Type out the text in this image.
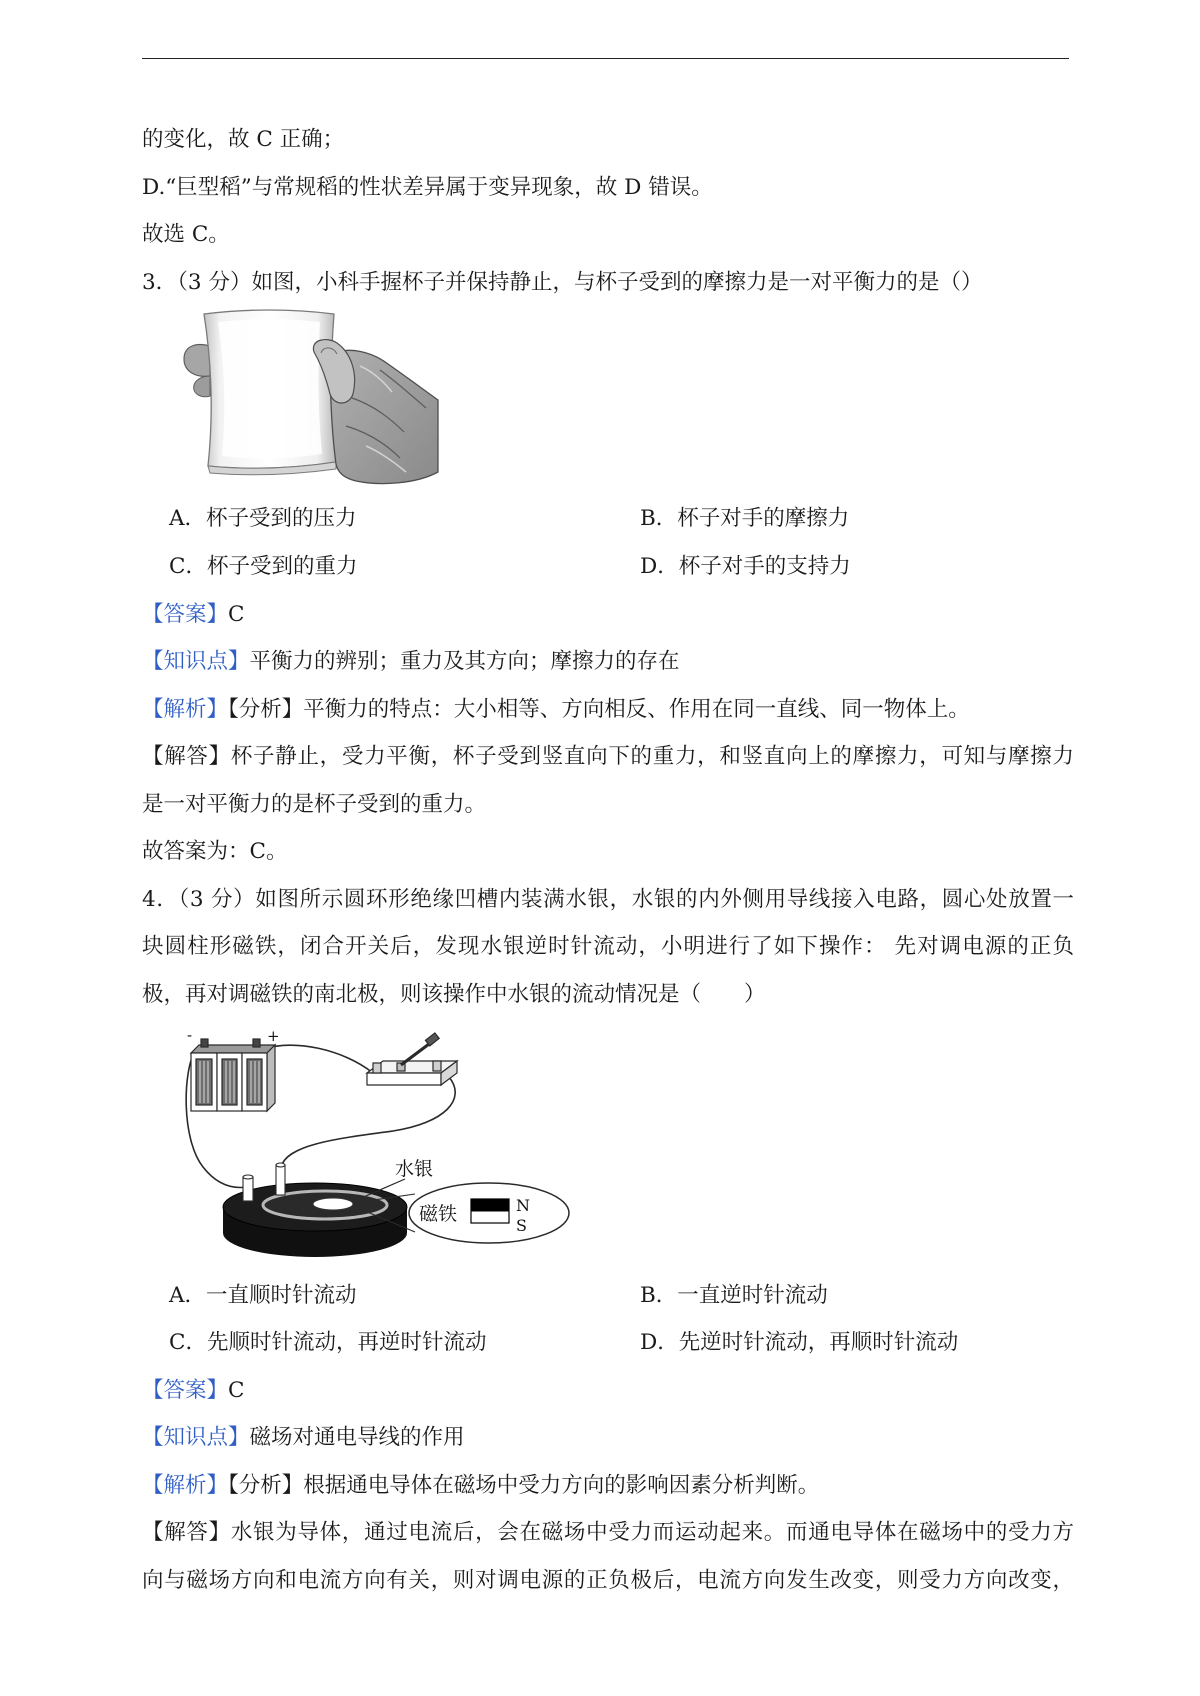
的变化，故 C 正确；
D.“巨型稻”与常规稻的性状差异属于变异现象，故 D 错误。
故选 C。
3．（3 分）如图，小科手握杯子并保持静止，与杯子受到的摩擦力是一对平衡力的是（）
A．杯子受到的压力	B．杯子对手的摩擦力
C．杯子受到的重力	D．杯子对手的支持力
【答案】C
【知识点】平衡力的辨别；重力及其方向；摩擦力的存在
【解析】【分析】平衡力的特点：大小相等、方向相反、作用在同一直线、同一物体上。
【解答】杯子静止，受力平衡，杯子受到竖直向下的重力，和竖直向上的摩擦力，可知与摩擦力
是一对平衡力的是杯子受到的重力。
故答案为：C。
4．（3 分）如图所示圆环形绝缘凹槽内装满水银，水银的内外侧用导线接入电路，圆心处放置一
块圆柱形磁铁，闭合开关后，发现水银逆时针流动，小明进行了如下操作： 先对调电源的正负
极，再对调磁铁的南北极，则该操作中水银的流动情况是（　　）
-	+
水银
磁铁	N
S
A．一直顺时针流动	B．一直逆时针流动
C．先顺时针流动，再逆时针流动	D．先逆时针流动，再顺时针流动
【答案】C
【知识点】磁场对通电导线的作用
【解析】【分析】根据通电导体在磁场中受力方向的影响因素分析判断。
【解答】水银为导体，通过电流后，会在磁场中受力而运动起来。而通电导体在磁场中的受力方
向与磁场方向和电流方向有关，则对调电源的正负极后，电流方向发生改变，则受力方向改变，
